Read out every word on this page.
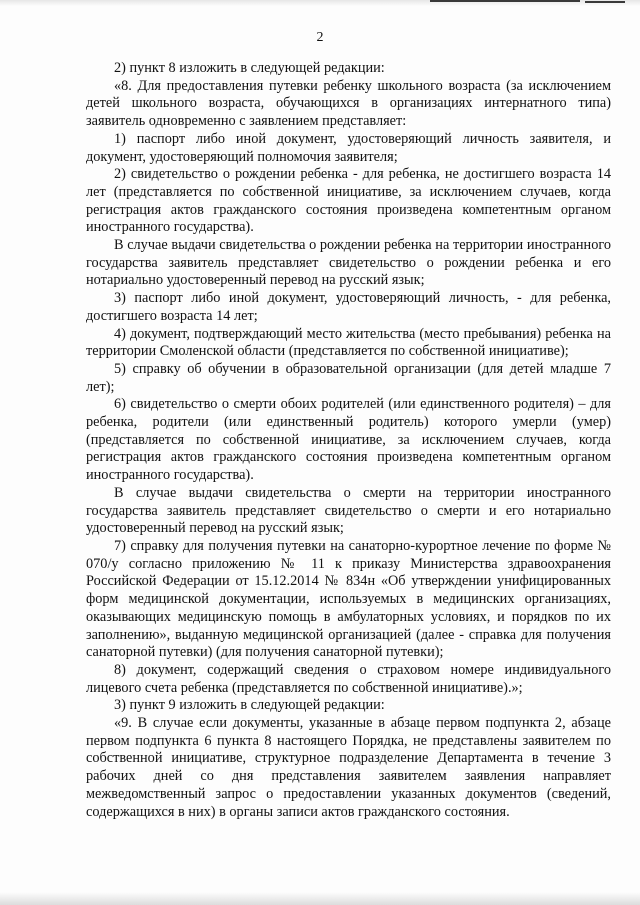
2

2) пункт 8 изложить в следующей редакции:

«8. Для предоставления путевки ребенку школьного возраста (за исключением детей школьного возраста, обучающихся в организациях интернатного типа) заявитель одновременно с заявлением представляет:

1) паспорт либо иной документ, удостоверяющий личность заявителя, и документ, удостоверяющий полномочия заявителя;

2) свидетельство о рождении ребенка - для ребенка, не достигшего возраста 14 лет (представляется по собственной инициативе, за исключением случаев, когда регистрация актов гражданского состояния произведена компетентным органом иностранного государства).

В случае выдачи свидетельства о рождении ребенка на территории иностранного государства заявитель представляет свидетельство о рождении ребенка и его нотариально удостоверенный перевод на русский язык;

3) паспорт либо иной документ, удостоверяющий личность, - для ребенка, достигшего возраста 14 лет;

4) документ, подтверждающий место жительства (место пребывания) ребенка на территории Смоленской области (представляется по собственной инициативе);

5) справку об обучении в образовательной организации (для детей младше 7 лет);

6) свидетельство о смерти обоих родителей (или единственного родителя) – для ребенка, родители (или единственный родитель) которого умерли (умер) (представляется по собственной инициативе, за исключением случаев, когда регистрация актов гражданского состояния произведена компетентным органом иностранного государства).

В случае выдачи свидетельства о смерти на территории иностранного государства заявитель представляет свидетельство о смерти и его нотариально удостоверенный перевод на русский язык;

7) справку для получения путевки на санаторно-курортное лечение по форме № 070/у согласно приложению № 11 к приказу Министерства здравоохранения Российской Федерации от 15.12.2014 № 834н «Об утверждении унифицированных форм медицинской документации, используемых в медицинских организациях, оказывающих медицинскую помощь в амбулаторных условиях, и порядков по их заполнению», выданную медицинской организацией (далее - справка для получения санаторной путевки) (для получения санаторной путевки);

8) документ, содержащий сведения о страховом номере индивидуального лицевого счета ребенка (представляется по собственной инициативе).»;

3) пункт 9 изложить в следующей редакции:

«9. В случае если документы, указанные в абзаце первом подпункта 2, абзаце первом подпункта 6 пункта 8 настоящего Порядка, не представлены заявителем по собственной инициативе, структурное подразделение Департамента в течение 3 рабочих дней со дня представления заявителем заявления направляет межведомственный запрос о предоставлении указанных документов (сведений, содержащихся в них) в органы записи актов гражданского состояния.
